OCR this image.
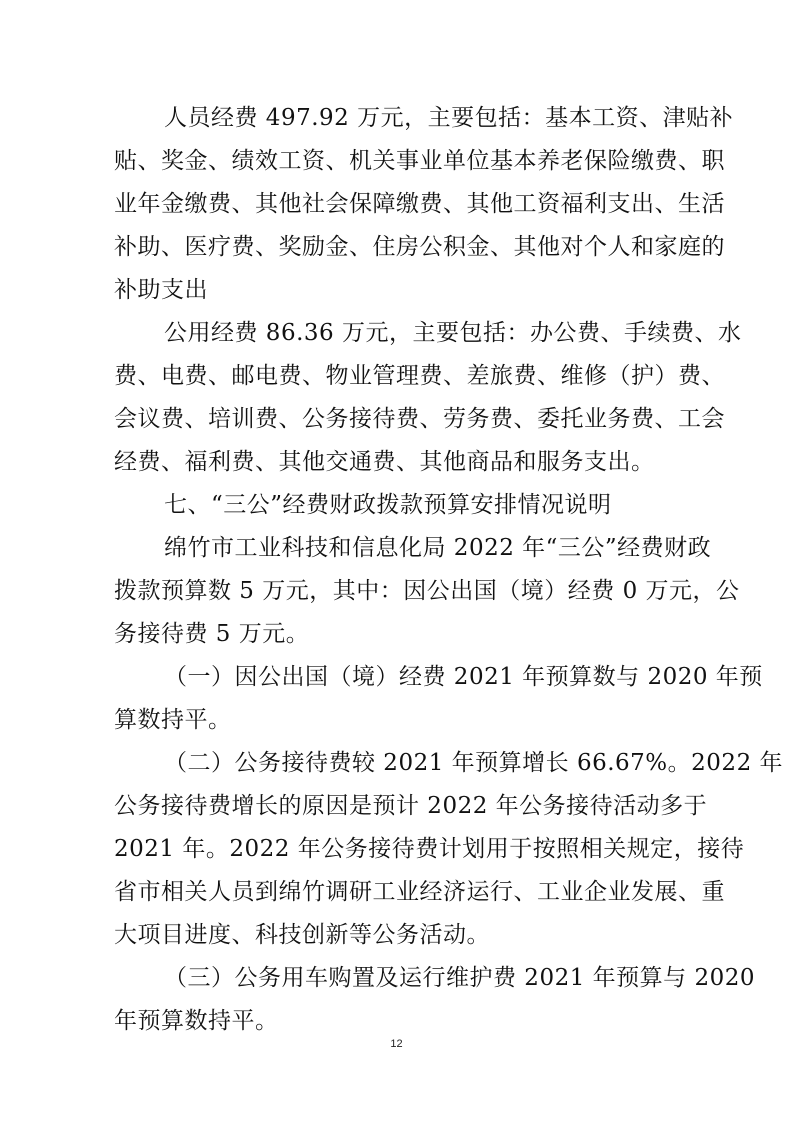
人员经费 497.92 万元，主要包括：基本工资、津贴补
贴、奖金、绩效工资、机关事业单位基本养老保险缴费、职
业年金缴费、其他社会保障缴费、其他工资福利支出、生活
补助、医疗费、奖励金、住房公积金、其他对个人和家庭的
补助支出
公用经费 86.36 万元，主要包括：办公费、手续费、水
费、电费、邮电费、物业管理费、差旅费、维修（护）费、
会议费、培训费、公务接待费、劳务费、委托业务费、工会
经费、福利费、其他交通费、其他商品和服务支出。
七、“三公”经费财政拨款预算安排情况说明
绵竹市工业科技和信息化局 2022 年“三公”经费财政
拨款预算数 5 万元，其中：因公出国（境）经费 0 万元，公
务接待费 5 万元。
（一）因公出国（境）经费 2021 年预算数与 2020 年预
算数持平。
（二）公务接待费较 2021 年预算增长 66.67%。2022 年
公务接待费增长的原因是预计 2022 年公务接待活动多于
2021 年。2022 年公务接待费计划用于按照相关规定，接待
省市相关人员到绵竹调研工业经济运行、工业企业发展、重
大项目进度、科技创新等公务活动。
（三）公务用车购置及运行维护费 2021 年预算与 2020
年预算数持平。
12
